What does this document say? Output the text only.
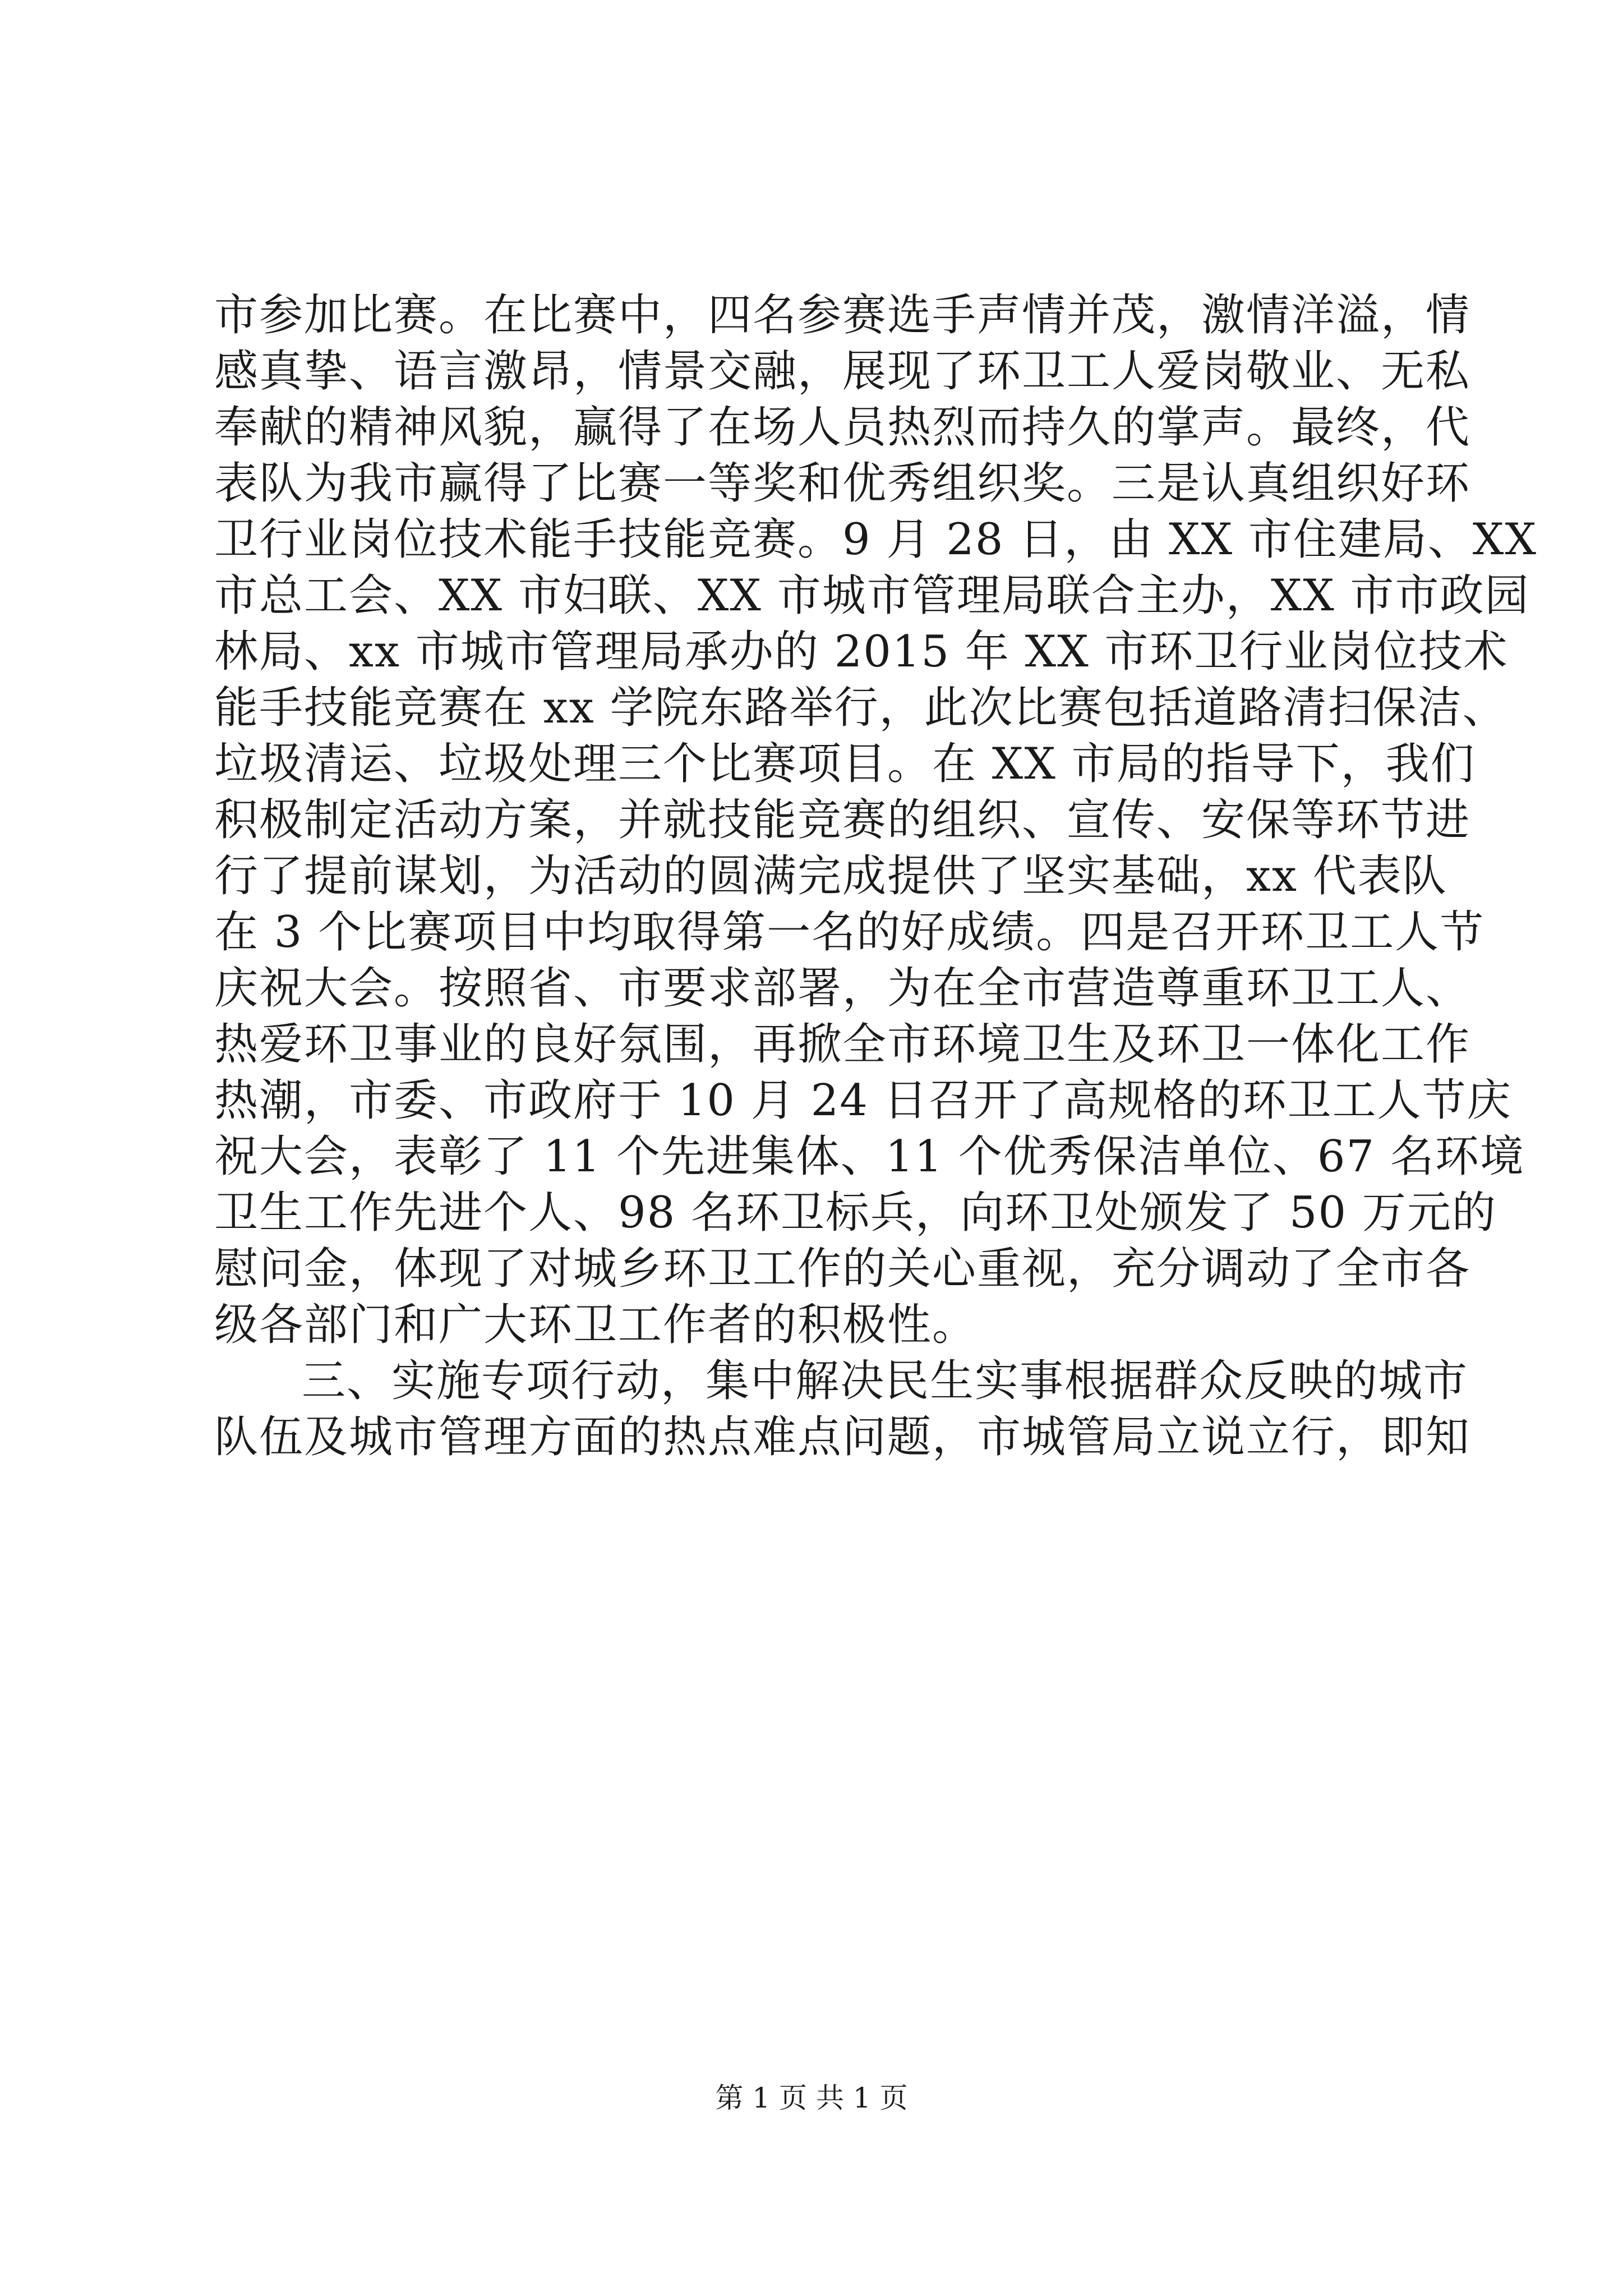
市参加比赛。在比赛中，四名参赛选手声情并茂，激情洋溢，情
感真挚、语言激昂，情景交融，展现了环卫工人爱岗敬业、无私
奉献的精神风貌，赢得了在场人员热烈而持久的掌声。最终，代
表队为我市赢得了比赛一等奖和优秀组织奖。三是认真组织好环
卫行业岗位技术能手技能竞赛。9 月 28 日，由 XX 市住建局、XX
市总工会、XX 市妇联、XX 市城市管理局联合主办，XX 市市政园
林局、xx 市城市管理局承办的 2015 年 XX 市环卫行业岗位技术
能手技能竞赛在 xx 学院东路举行，此次比赛包括道路清扫保洁、
垃圾清运、垃圾处理三个比赛项目。在 XX 市局的指导下，我们
积极制定活动方案，并就技能竞赛的组织、宣传、安保等环节进
行了提前谋划，为活动的圆满完成提供了坚实基础，xx 代表队
在 3 个比赛项目中均取得第一名的好成绩。四是召开环卫工人节
庆祝大会。按照省、市要求部署，为在全市营造尊重环卫工人、
热爱环卫事业的良好氛围，再掀全市环境卫生及环卫一体化工作
热潮，市委、市政府于 10 月 24 日召开了高规格的环卫工人节庆
祝大会，表彰了 11 个先进集体、11 个优秀保洁单位、67 名环境
卫生工作先进个人、98 名环卫标兵，向环卫处颁发了 50 万元的
慰问金，体现了对城乡环卫工作的关心重视，充分调动了全市各
级各部门和广大环卫工作者的积极性。
三、实施专项行动，集中解决民生实事根据群众反映的城市
队伍及城市管理方面的热点难点问题，市城管局立说立行，即知
第 1 页 共 1 页
